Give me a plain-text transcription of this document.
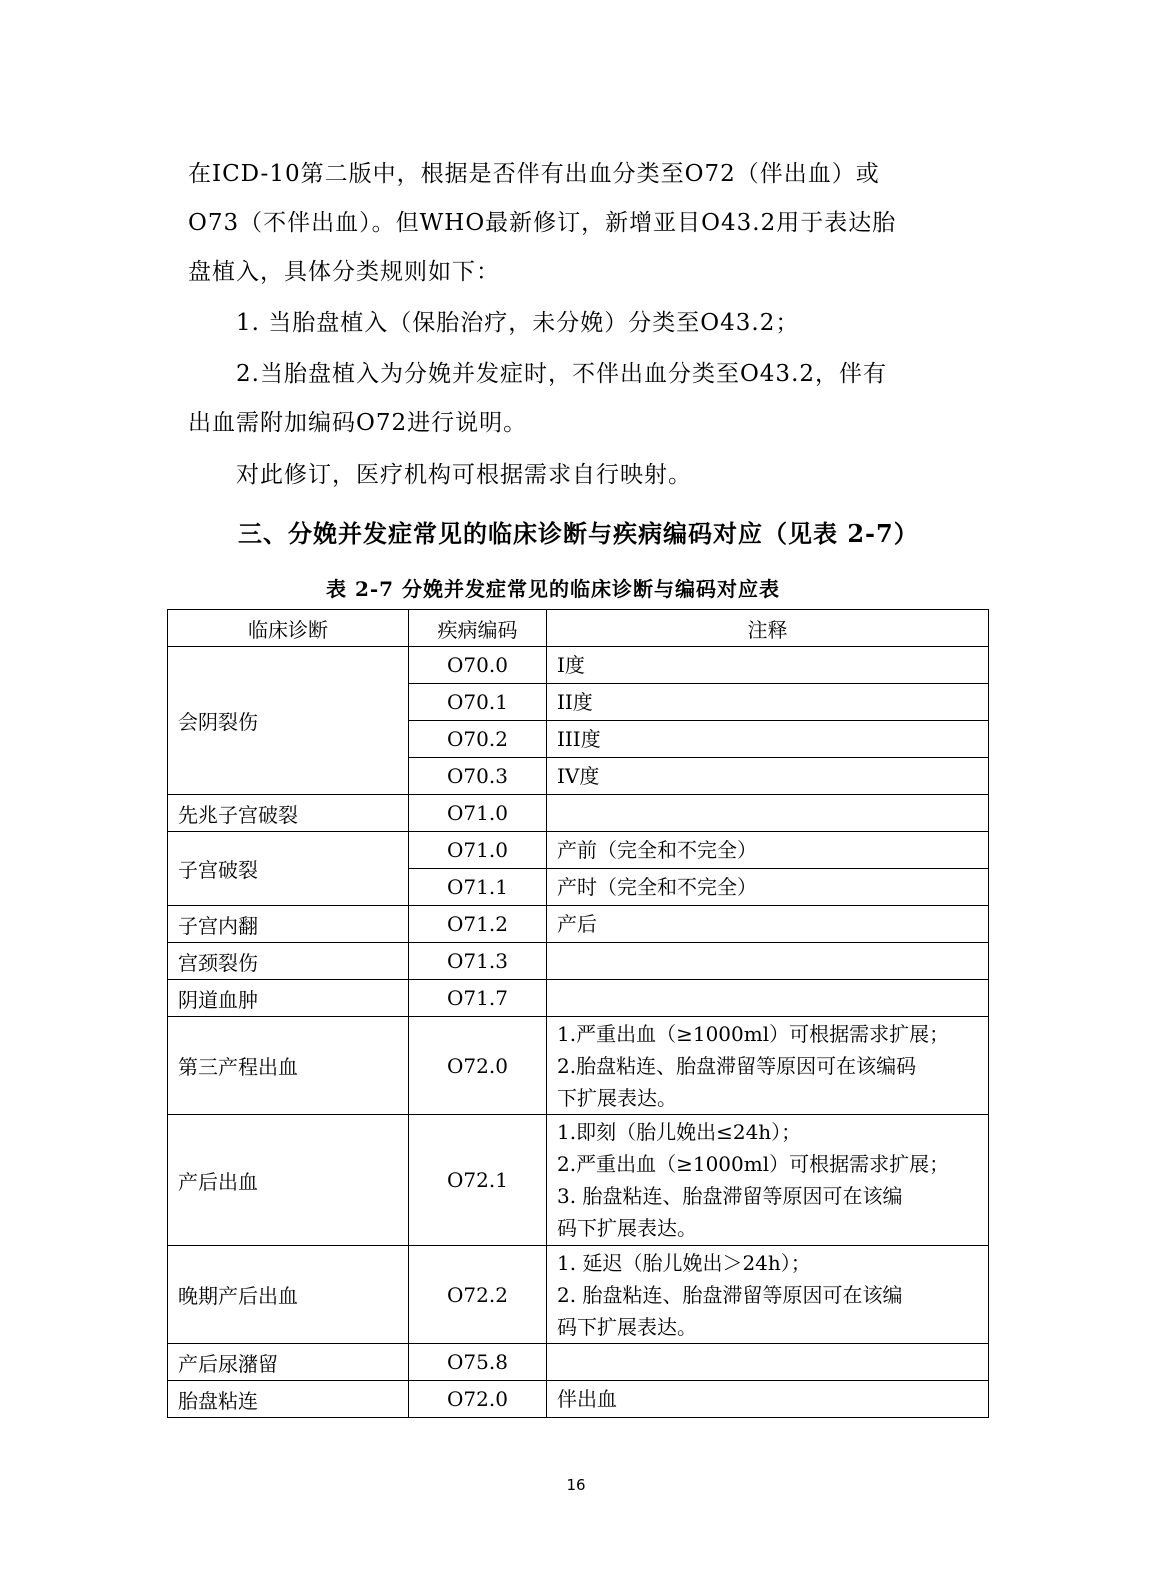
在ICD-10第二版中，根据是否伴有出血分类至O72（伴出血）或
O73（不伴出血）。但WHO最新修订，新增亚目O43.2用于表达胎
盘植入，具体分类规则如下：
1. 当胎盘植入（保胎治疗，未分娩）分类至O43.2；
2.当胎盘植入为分娩并发症时，不伴出血分类至O43.2，伴有
出血需附加编码O72进行说明。
对此修订，医疗机构可根据需求自行映射。
三、分娩并发症常见的临床诊断与疾病编码对应（见表 2-7）
表 2-7 分娩并发症常见的临床诊断与编码对应表
临床诊断	疾病编码	注释
会阴裂伤	O70.0	I度
	O70.1	II度
	O70.2	III度
	O70.3	IV度
先兆子宫破裂	O71.0	
子宫破裂	O71.0	产前（完全和不完全）
	O71.1	产时（完全和不完全）
子宫内翻	O71.2	产后
宫颈裂伤	O71.3	
阴道血肿	O71.7	
第三产程出血	O72.0	1.严重出血（≥1000ml）可根据需求扩展；
2.胎盘粘连、胎盘滞留等原因可在该编码
下扩展表达。
产后出血	O72.1	1.即刻（胎儿娩出≤24h）；
2.严重出血（≥1000ml）可根据需求扩展；
3. 胎盘粘连、胎盘滞留等原因可在该编
码下扩展表达。
晚期产后出血	O72.2	1. 延迟（胎儿娩出＞24h）；
2. 胎盘粘连、胎盘滞留等原因可在该编
码下扩展表达。
产后尿潴留	O75.8	
胎盘粘连	O72.0	伴出血
16
